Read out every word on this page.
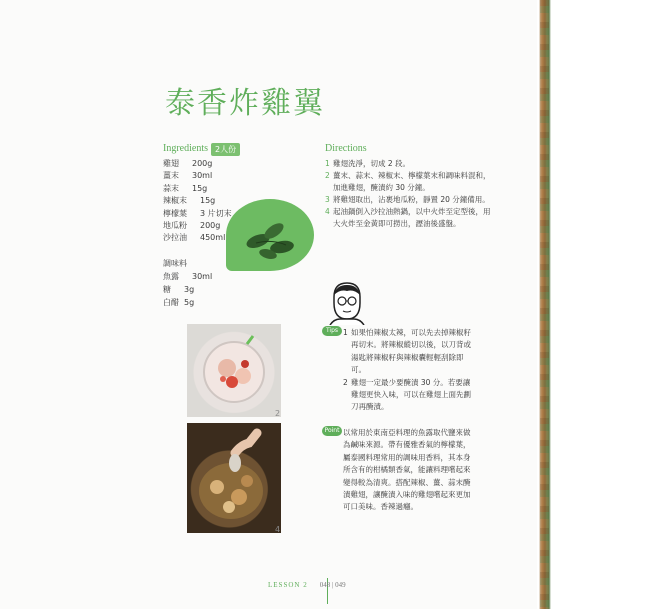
泰香炸雞翼
Ingredients 2人份
雞翅	200g
薑末	30ml
蒜末	15g
辣椒末	15g
檸檬葉	3 片切末
地瓜粉	200g
沙拉油	450ml
調味料
魚露	30ml
糖	3g
白醋 5g
Directions
1 雞翅洗淨，切成 2 段。
2 薑末、蒜末、辣椒末、檸檬葉末和調味料混和，加進雞翅，醃漬約 30 分鐘。
3 將雞翅取出，沾裹地瓜粉，靜置 20 分鐘備用。
4 起油鍋倒入沙拉油熱鍋，以中火炸至定型後，用大火炸至金黃即可撈出，瀝油後盛盤。
2
4
Tips 1 如果怕辣椒太辣，可以先去掉辣椒籽再切末。將辣椒縱切以後，以刀背或湯匙將辣椒籽與辣椒囊輕輕刮除即可。
2 雞翅一定最少要醃漬 30 分。若要讓雞翅更快入味，可以在雞翅上面先劃刀再醃漬。
Point 以常用於東南亞料理的魚露取代鹽來做為鹹味來源。帶有優雅香氣的檸檬葉，屬泰國料理常用的調味用香料，其本身所含有的柑橘類香氣，能讓料理嚐起來變得較為清爽。搭配辣椒、薑、蒜末醃漬雞翅，讓醃漬入味的雞翅嚐起來更加可口美味。香辣過癮。
LESSON 2 048 | 049
